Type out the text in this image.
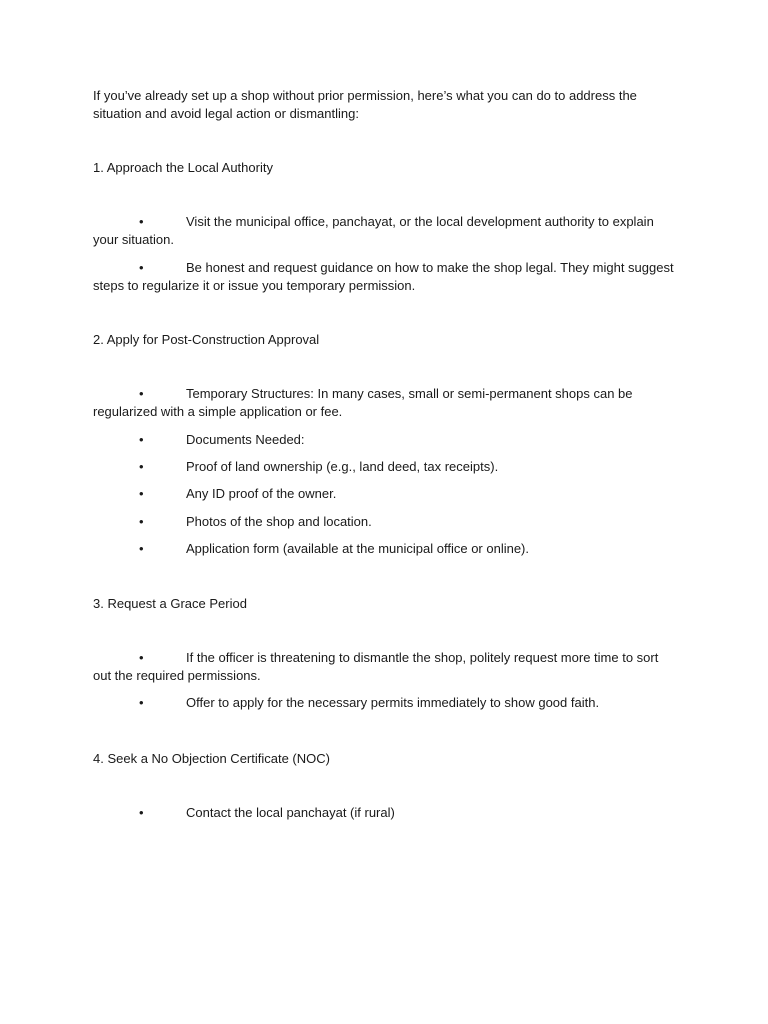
If you’ve already set up a shop without prior permission, here’s what you can do to address the situation and avoid legal action or dismantling:

1. Approach the Local Authority

•	Visit the municipal office, panchayat, or the local development authority to explain your situation.
•	Be honest and request guidance on how to make the shop legal. They might suggest steps to regularize it or issue you temporary permission.

2. Apply for Post-Construction Approval

•	Temporary Structures: In many cases, small or semi-permanent shops can be regularized with a simple application or fee.
•	Documents Needed:
•	Proof of land ownership (e.g., land deed, tax receipts).
•	Any ID proof of the owner.
•	Photos of the shop and location.
•	Application form (available at the municipal office or online).

3. Request a Grace Period

•	If the officer is threatening to dismantle the shop, politely request more time to sort out the required permissions.
•	Offer to apply for the necessary permits immediately to show good faith.

4. Seek a No Objection Certificate (NOC)

•	Contact the local panchayat (if rural)
